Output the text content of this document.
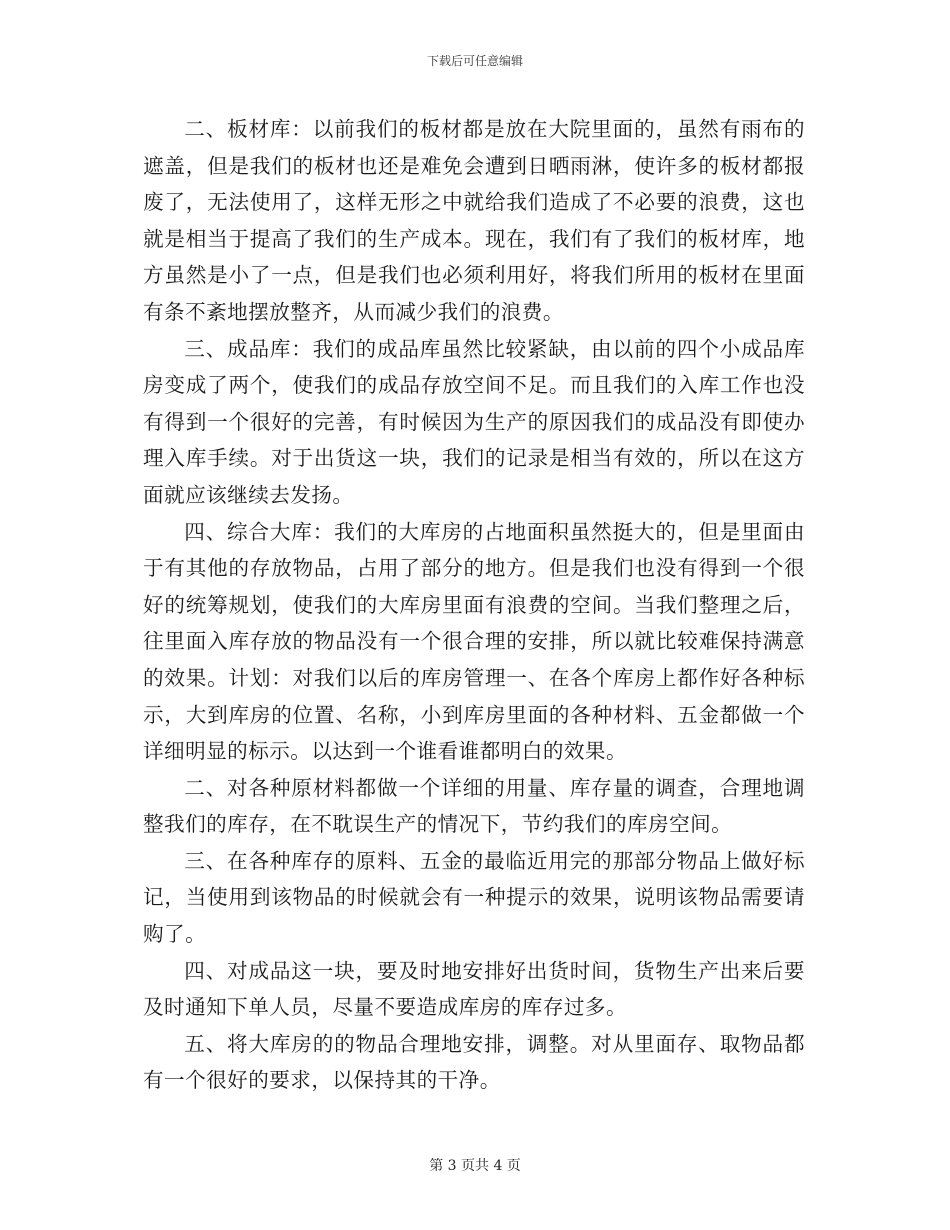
下载后可任意编辑

二、板材库：以前我们的板材都是放在大院里面的，虽然有雨布的遮盖，但是我们的板材也还是难免会遭到日晒雨淋，使许多的板材都报废了，无法使用了，这样无形之中就给我们造成了不必要的浪费，这也就是相当于提高了我们的生产成本。现在，我们有了我们的板材库，地方虽然是小了一点，但是我们也必须利用好，将我们所用的板材在里面有条不紊地摆放整齐，从而减少我们的浪费。

三、成品库：我们的成品库虽然比较紧缺，由以前的四个小成品库房变成了两个，使我们的成品存放空间不足。而且我们的入库工作也没有得到一个很好的完善，有时候因为生产的原因我们的成品没有即使办理入库手续。对于出货这一块，我们的记录是相当有效的，所以在这方面就应该继续去发扬。

四、综合大库：我们的大库房的占地面积虽然挺大的，但是里面由于有其他的存放物品，占用了部分的地方。但是我们也没有得到一个很好的统筹规划，使我们的大库房里面有浪费的空间。当我们整理之后，往里面入库存放的物品没有一个很合理的安排，所以就比较难保持满意的效果。计划：对我们以后的库房管理一、在各个库房上都作好各种标示，大到库房的位置、名称，小到库房里面的各种材料、五金都做一个详细明显的标示。以达到一个谁看谁都明白的效果。

二、对各种原材料都做一个详细的用量、库存量的调查，合理地调整我们的库存，在不耽误生产的情况下，节约我们的库房空间。

三、在各种库存的原料、五金的最临近用完的那部分物品上做好标记，当使用到该物品的时候就会有一种提示的效果，说明该物品需要请购了。

四、对成品这一块，要及时地安排好出货时间，货物生产出来后要及时通知下单人员，尽量不要造成库房的库存过多。

五、将大库房的的物品合理地安排，调整。对从里面存、取物品都有一个很好的要求，以保持其的干净。

第 3 页共 4 页
